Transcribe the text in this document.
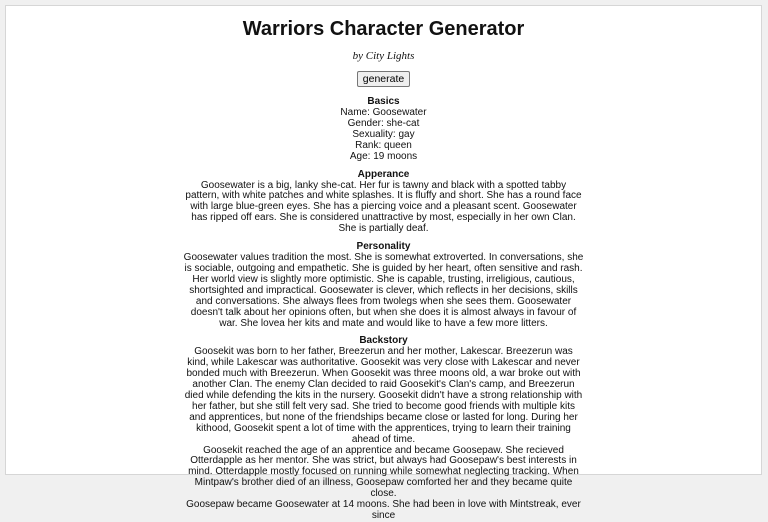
Warriors Character Generator
by City Lights
generate
Basics
Name: Goosewater
Gender: she-cat
Sexuality: gay
Rank: queen
Age: 19 moons
Apperance
Goosewater is a big, lanky she-cat. Her fur is tawny and black with a spotted tabby pattern, with white patches and white splashes. It is fluffy and short. She has a round face with large blue-green eyes. She has a piercing voice and a pleasant scent. Goosewater has ripped off ears. She is considered unattractive by most, especially in her own Clan. She is partially deaf.
Personality
Goosewater values tradition the most. She is somewhat extroverted. In conversations, she is sociable, outgoing and empathetic. She is guided by her heart, often sensitive and rash. Her world view is slightly more optimistic. She is capable, trusting, irreligious, cautious, shortsighted and impractical. Goosewater is clever, which reflects in her decisions, skills and conversations. She always flees from twolegs when she sees them. Goosewater doesn't talk about her opinions often, but when she does it is almost always in favour of war. She lovea her kits and mate and would like to have a few more litters.
Backstory
Goosekit was born to her father, Breezerun and her mother, Lakescar. Breezerun was kind, while Lakescar was authoritative. Goosekit was very close with Lakescar and never bonded much with Breezerun. When Goosekit was three moons old, a war broke out with another Clan. The enemy Clan decided to raid Goosekit's Clan's camp, and Breezerun died while defending the kits in the nursery. Goosekit didn't have a strong relationship with her father, but she still felt very sad. She tried to become good friends with multiple kits and apprentices, but none of the friendships became close or lasted for long. During her kithood, Goosekit spent a lot of time with the apprentices, trying to learn their training ahead of time.
Goosekit reached the age of an apprentice and became Goosepaw. She recieved Otterdapple as her mentor. She was strict, but always had Goosepaw's best interests in mind. Otterdapple mostly focused on running while somewhat neglecting tracking. When Mintpaw's brother died of an illness, Goosepaw comforted her and they became quite close.
Goosepaw became Goosewater at 14 moons. She had been in love with Mintstreak, ever since
